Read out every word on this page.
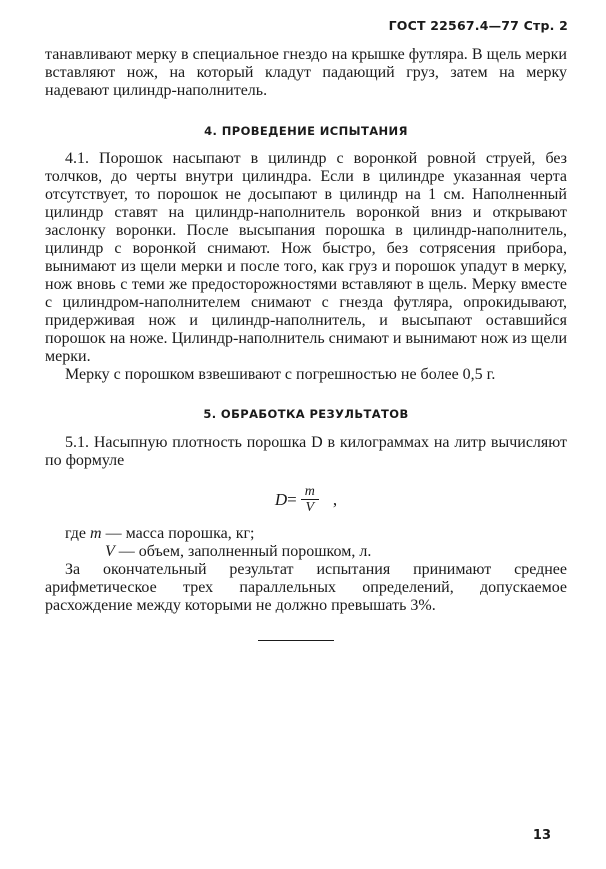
ГОСТ 22567.4—77 Стр. 2

танавливают мерку в специальное гнездо на крышке футляра. В щель мерки вставляют нож, на который кладут падающий груз, затем на мерку надевают цилиндр-наполнитель.

4. ПРОВЕДЕНИЕ ИСПЫТАНИЯ

4.1. Порошок насыпают в цилиндр с воронкой ровной струей, без толчков, до черты внутри цилиндра. Если в цилиндре указанная черта отсутствует, то порошок не досыпают в цилиндр на 1 см. Наполненный цилиндр ставят на цилиндр-наполнитель воронкой вниз и открывают заслонку воронки. После высыпания порошка в цилиндр-наполнитель, цилиндр с воронкой снимают. Нож быстро, без сотрясения прибора, вынимают из щели мерки и после того, как груз и порошок упадут в мерку, нож вновь с теми же предосторожностями вставляют в щель. Мерку вместе с цилиндром-наполнителем снимают с гнезда футляра, опрокидывают, придерживая нож и цилиндр-наполнитель, и высыпают оставшийся порошок на ноже. Цилиндр-наполнитель снимают и вынимают нож из щели мерки.

Мерку с порошком взвешивают с погрешностью не более 0,5 г.

5. ОБРАБОТКА РЕЗУЛЬТАТОВ

5.1. Насыпную плотность порошка D в килограммах на литр вычисляют по формуле

$D = \frac{m}{V}$ ,

где m — масса порошка, кг;

V — объем, заполненный порошком, л.

За окончательный результат испытания принимают среднее арифметическое трех параллельных определений, допускаемое расхождение между которыми не должно превышать 3%.

13
